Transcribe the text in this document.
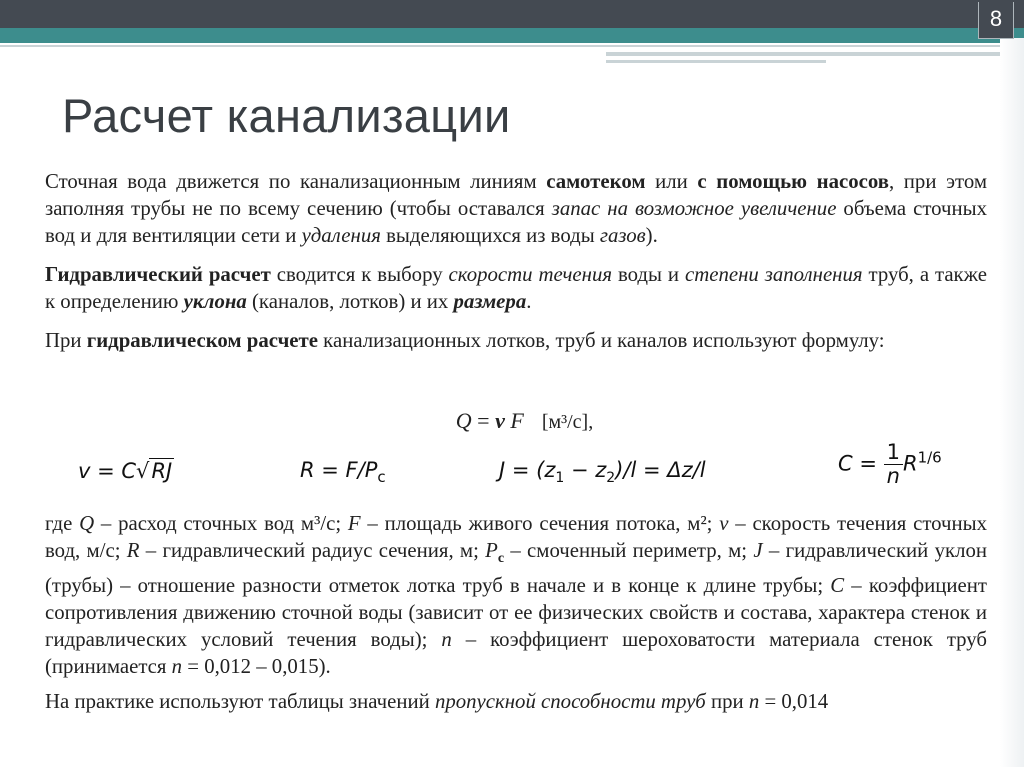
8
Расчет канализации

Сточная вода движется по канализационным линиям самотеком или с помощью насосов, при этом заполняя трубы не по всему сечению (чтобы оставался запас на возможное увеличение объема сточных вод и для вентиляции сети и удаления выделяющихся из воды газов).

Гидравлический расчет сводится к выбору скорости течения воды и степени заполнения труб, а также к определению уклона (каналов, лотков) и их размера.

При гидравлическом расчете канализационных лотков, труб и каналов используют формулу:

Q = v F [м³/с],
v = C√RJ	$R = F/P_c$	$J = (z_1 - z_2)/l = \Delta z/l$	$C = \frac{1}{n} R^{1/6}$

где Q – расход сточных вод м³/с; F – площадь живого сечения потока, м²; v – скорость течения сточных вод, м/с; R – гидравлический радиус сечения, м; $P_с$ – смоченный периметр, м; J – гидравлический уклон (трубы) – отношение разности отметок лотка труб в начале и в конце к длине трубы; C – коэффициент сопротивления движению сточной воды (зависит от ее физических свойств и состава, характера стенок и гидравлических условий течения воды); n – коэффициент шероховатости материала стенок труб (принимается n = 0,012 – 0,015).

На практике используют таблицы значений пропускной способности труб при n = 0,014
